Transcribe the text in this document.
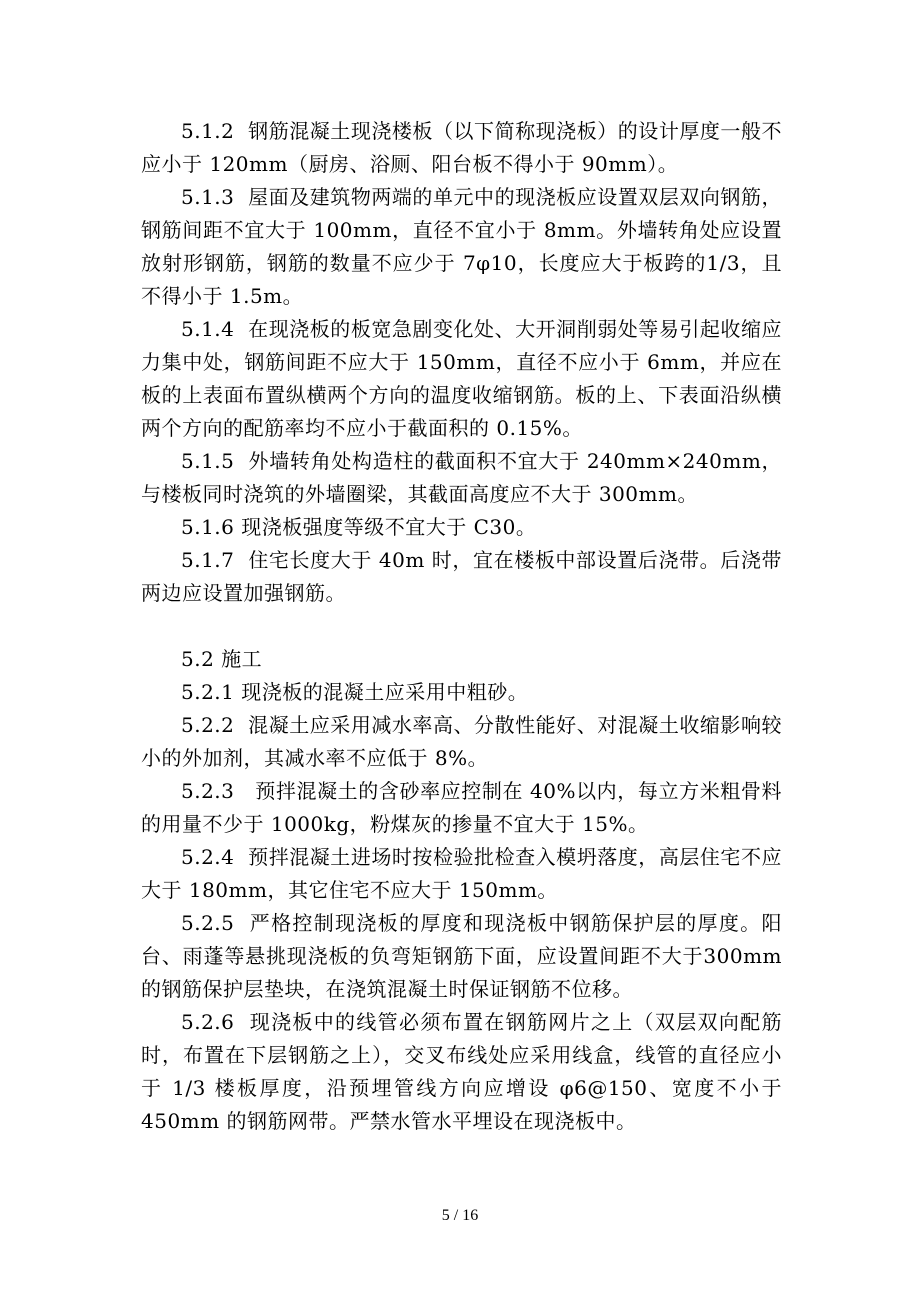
5.1.2  钢筋混凝土现浇楼板（以下简称现浇板）的设计厚度一般不应小于 120mm（厨房、浴厕、阳台板不得小于 90mm）。

5.1.3  屋面及建筑物两端的单元中的现浇板应设置双层双向钢筋，钢筋间距不宜大于 100mm，直径不宜小于 8mm。外墙转角处应设置放射形钢筋，钢筋的数量不应少于 7φ10，长度应大于板跨的1/3，且不得小于 1.5m。

5.1.4  在现浇板的板宽急剧变化处、大开洞削弱处等易引起收缩应力集中处，钢筋间距不应大于 150mm，直径不应小于 6mm，并应在板的上表面布置纵横两个方向的温度收缩钢筋。板的上、下表面沿纵横两个方向的配筋率均不应小于截面积的 0.15%。

5.1.5  外墙转角处构造柱的截面积不宜大于 240mm×240mm，与楼板同时浇筑的外墙圈梁，其截面高度应不大于 300mm。

5.1.6 现浇板强度等级不宜大于 C30。

5.1.7  住宅长度大于 40m 时，宜在楼板中部设置后浇带。后浇带两边应设置加强钢筋。

5.2 施工

5.2.1 现浇板的混凝土应采用中粗砂。

5.2.2  混凝土应采用减水率高、分散性能好、对混凝土收缩影响较小的外加剂，其减水率不应低于 8%。

5.2.3   预拌混凝土的含砂率应控制在 40%以内，每立方米粗骨料的用量不少于 1000kg，粉煤灰的掺量不宜大于 15%。

5.2.4  预拌混凝土进场时按检验批检查入模坍落度，高层住宅不应大于 180mm，其它住宅不应大于 150mm。

5.2.5  严格控制现浇板的厚度和现浇板中钢筋保护层的厚度。阳台、雨蓬等悬挑现浇板的负弯矩钢筋下面，应设置间距不大于300mm的钢筋保护层垫块，在浇筑混凝土时保证钢筋不位移。

5.2.6  现浇板中的线管必须布置在钢筋网片之上（双层双向配筋时，布置在下层钢筋之上），交叉布线处应采用线盒，线管的直径应小于 1/3 楼板厚度，沿预埋管线方向应增设 φ6@150、宽度不小于 450mm 的钢筋网带。严禁水管水平埋设在现浇板中。

5 / 16
